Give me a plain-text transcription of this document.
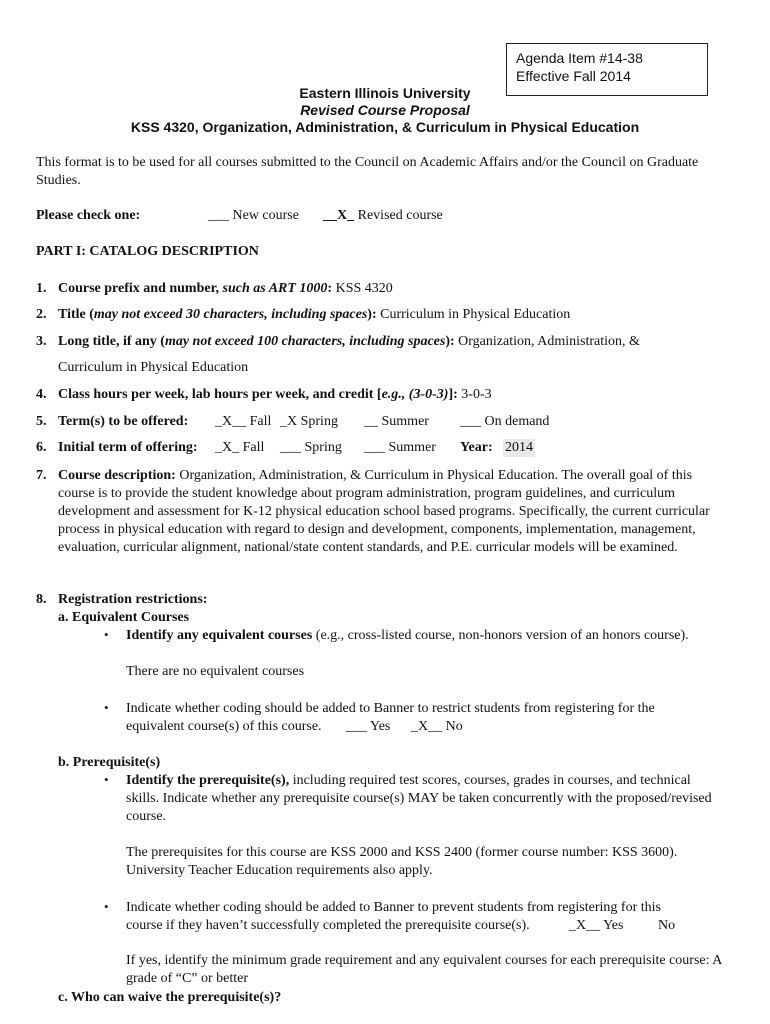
Agenda Item #14-38
Effective Fall 2014
Eastern Illinois University
Revised Course Proposal
KSS 4320, Organization, Administration, & Curriculum in Physical Education
This format is to be used for all courses submitted to the Council on Academic Affairs and/or the Council on Graduate Studies.
Please check one:	___ New course __X_ Revised course
PART I: CATALOG DESCRIPTION
1. Course prefix and number, such as ART 1000: KSS 4320
2. Title (may not exceed 30 characters, including spaces): Curriculum in Physical Education
3. Long title, if any (may not exceed 100 characters, including spaces): Organization, Administration, &
Curriculum in Physical Education
4. Class hours per week, lab hours per week, and credit [e.g., (3-0-3)]: 3-0-3
5. Term(s) to be offered: _X__ Fall _X Spring __ Summer ___ On demand
6. Initial term of offering: _X_ Fall ___ Spring ___ Summer Year: 2014
7. Course description: Organization, Administration, & Curriculum in Physical Education. The overall goal of this course is to provide the student knowledge about program administration, program guidelines, and curriculum development and assessment for K-12 physical education school based programs. Specifically, the current curricular process in physical education with regard to design and development, components, implementation, management, evaluation, curricular alignment, national/state content standards, and P.E. curricular models will be examined.
8. Registration restrictions:
a. Equivalent Courses
• Identify any equivalent courses (e.g., cross-listed course, non-honors version of an honors course).
There are no equivalent courses
• Indicate whether coding should be added to Banner to restrict students from registering for the
equivalent course(s) of this course. ___ Yes _X__ No
b. Prerequisite(s)
• Identify the prerequisite(s), including required test scores, courses, grades in courses, and technical skills. Indicate whether any prerequisite course(s) MAY be taken concurrently with the proposed/revised course.
The prerequisites for this course are KSS 2000 and KSS 2400 (former course number: KSS 3600). University Teacher Education requirements also apply.
• Indicate whether coding should be added to Banner to prevent students from registering for this
course if they haven’t successfully completed the prerequisite course(s).	_X__ Yes No
If yes, identify the minimum grade requirement and any equivalent courses for each prerequisite course: A grade of “C” or better
c. Who can waive the prerequisite(s)?
